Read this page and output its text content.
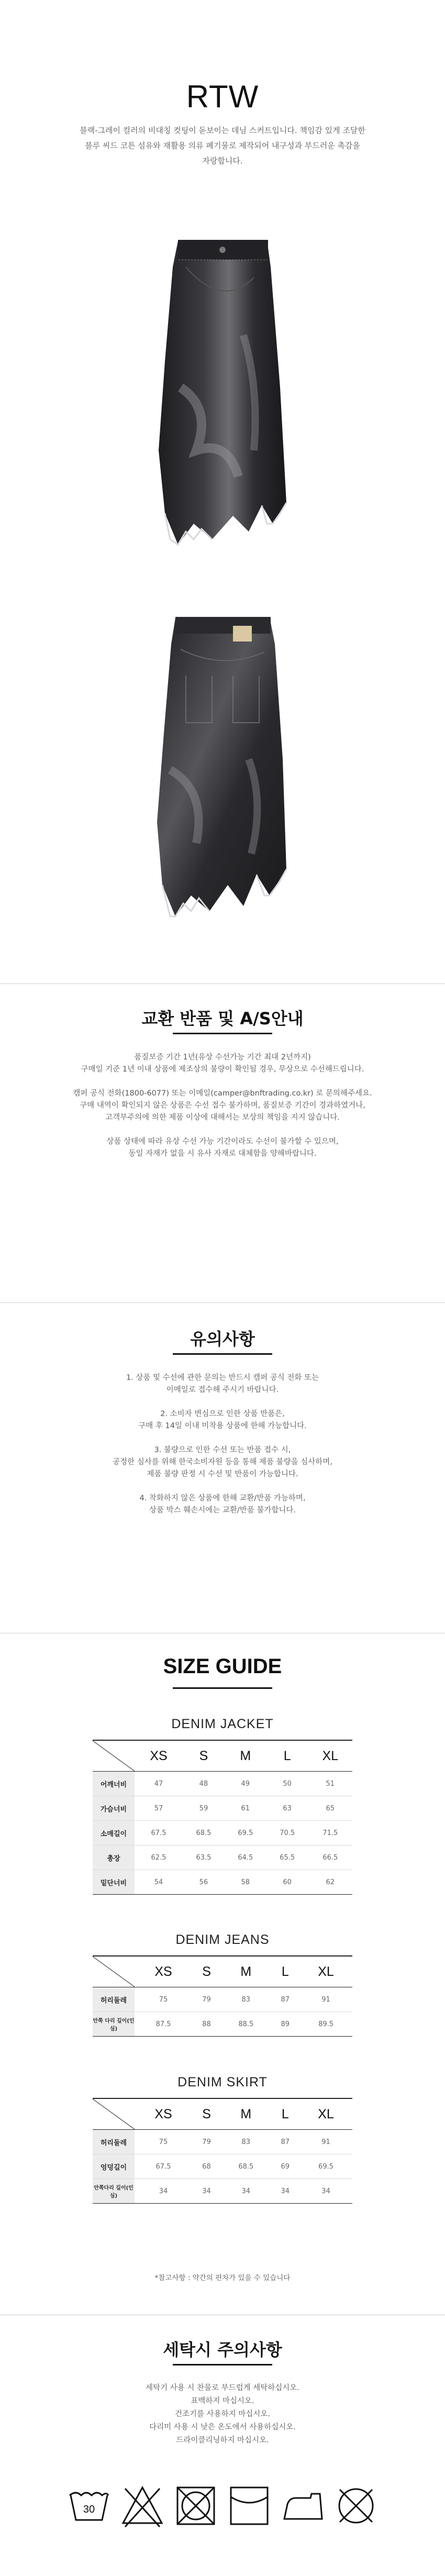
RTW
블랙-그레이 컬러의 비대칭 컷팅이 돋보이는 데님 스커트입니다. 책임감 있게 조달한
블루 씨드 코튼 섬유와 재활용 의류 폐기물로 제작되어 내구성과 부드러운 촉감을
자랑합니다.
교환 반품 및 A/S안내

품질보증 기간 1년(유상 수선가능 기간 최대 2년까지)
구매일 기준 1년 이내 상품에 제조상의 불량이 확인될 경우, 무상으로 수선해드립니다.

캠퍼 공식 전화(1800-6077) 또는 이메일(camper@bnftrading.co.kr) 로 문의해주세요.
구매 내역이 확인되지 않은 상품은 수선 접수 불가하며, 품질보증 기간이 경과하였거나,
고객부주의에 의한 제품 이상에 대해서는 보상의 책임을 지지 않습니다.

상품 상태에 따라 유상 수선 가능 기간이라도 수선이 불가할 수 있으며,
동일 자재가 없을 시 유사 자재로 대체함을 양해바랍니다.

유의사항

1. 상품 및 수선에 관한 문의는 반드시 캠퍼 공식 전화 또는
이메일로 접수해 주시기 바랍니다.

2. 소비자 변심으로 인한 상품 반품은,
구매 후 14일 이내 미착용 상품에 한해 가능합니다.

3. 불량으로 인한 수선 또는 반품 접수 시,
공정한 심사를 위해 한국소비자원 등을 통해 제품 불량을 심사하며,
제품 불량 판정 시 수선 및 반품이 가능합니다.

4. 착화하지 않은 상품에 한해 교환/반품 가능하며,
상품 박스 훼손시에는 교환/반품 불가합니다.

SIZE GUIDE
DENIM JACKET
	XS	S	M	L	XL
어깨너비	47	48	49	50	51
가슴너비	57	59	61	63	65
소매길이	67.5	68.5	69.5	70.5	71.5
총장	62.5	63.5	64.5	65.5	66.5
밑단너비	54	56	58	60	62
DENIM JEANS
	XS	S	M	L	XL
허리둘레	75	79	83	87	91
안쪽 다리 길이(인심)	87.5	88	88.5	89	89.5
DENIM SKIRT
	XS	S	M	L	XL
허리둘레	75	79	83	87	91
엉덩길이	67.5	68	68.5	69	69.5
안쪽다리 길이(인심)	34	34	34	34	34
*참고사항 : 약간의 편차가 있을 수 있습니다
세탁시 주의사항
세탁기 사용 시 찬물로 부드럽게 세탁하십시오.
표백하지 마십시오.
건조기를 사용하지 마십시오.
다리미 사용 시 낮은 온도에서 사용하십시오.
드라이클리닝하지 마십시오.
30
